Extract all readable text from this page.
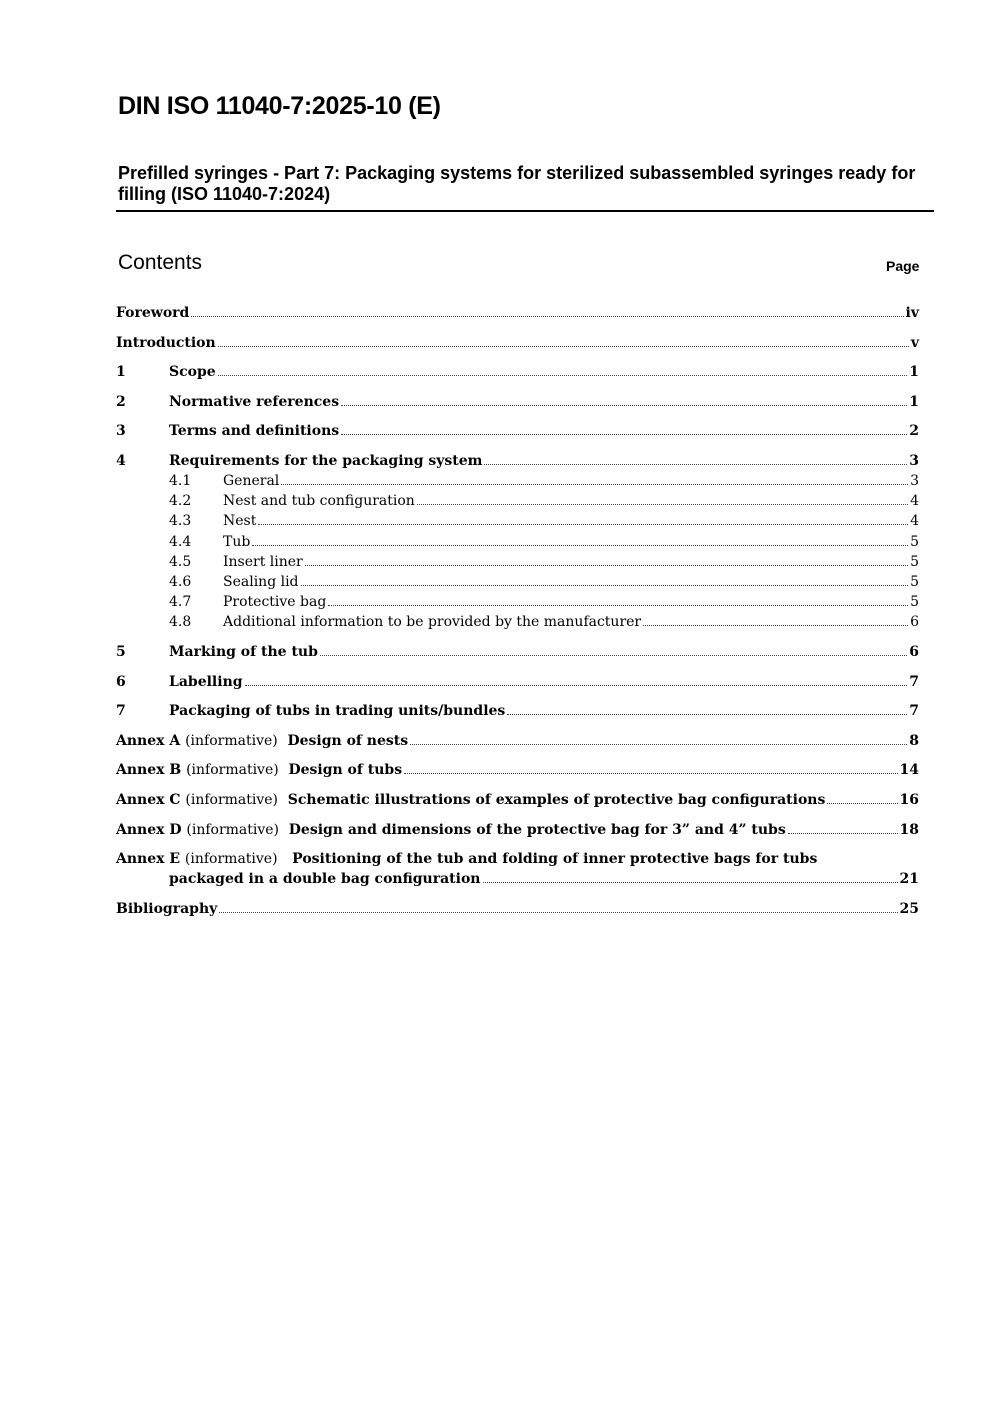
DIN ISO 11040-7:2025-10 (E)
Prefilled syringes - Part 7: Packaging systems for sterilized subassembled syringes ready for filling (ISO 11040-7:2024)
Contents	Page
Foreword	iv
Introduction	v
1	Scope	1
2	Normative references	1
3	Terms and definitions	2
4	Requirements for the packaging system	3
4.1	General	3
4.2	Nest and tub configuration	4
4.3	Nest	4
4.4	Tub	5
4.5	Insert liner	5
4.6	Sealing lid	5
4.7	Protective bag	5
4.8	Additional information to be provided by the manufacturer	6
5	Marking of the tub	6
6	Labelling	7
7	Packaging of tubs in trading units/bundles	7
Annex A (informative) Design of nests	8
Annex B (informative) Design of tubs	14
Annex C (informative) Schematic illustrations of examples of protective bag configurations	16
Annex D (informative) Design and dimensions of the protective bag for 3” and 4” tubs	18
Annex E (informative) Positioning of the tub and folding of inner protective bags for tubs
packaged in a double bag configuration	21
Bibliography	25
